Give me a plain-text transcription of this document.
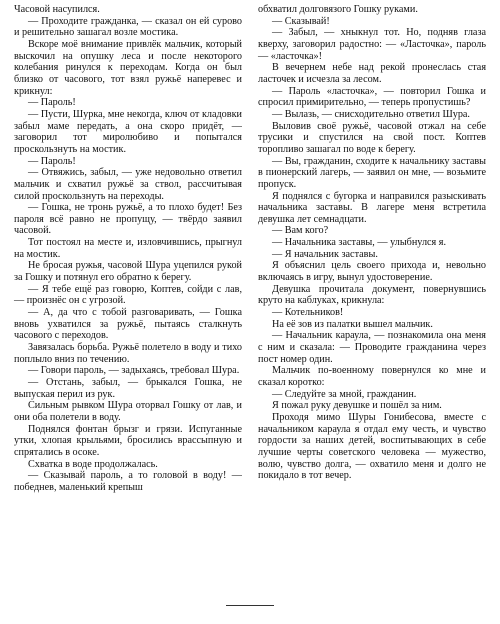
Часовой насупился.

— Проходите гражданка, — сказал он ей сурово и решительно зашагал возле мостика.

Вскоре моё внимание привлёк мальчик, который выскочил на опушку леса и после некоторого колебания ринулся к переходам. Когда он был близко от часового, тот взял ружьё наперевес и крикнул:

— Пароль!

— Пусти, Шурка, мне некогда, ключ от кладовки забыл маме передать, а она скоро придёт, — заговорил тот миролюбиво и попытался проскользнуть на мостик.

— Пароль!

— Отвяжись, забыл, — уже недовольно ответил мальчик и схватил ружьё за ствол, рассчитывая силой проскользнуть на переходы.

— Гошка, не тронь ружьё, а то плохо будет! Без пароля всё равно не пропущу, — твёрдо заявил часовой.

Тот постоял на месте и, изловчившись, прыгнул на мостик.

Не бросая ружья, часовой Шура уцепился рукой за Гошку и потянул его обратно к берегу.

— Я тебе ещё раз говорю, Коптев, сойди с лав, — произнёс он с угрозой.

— А, да что с тобой разговаривать, — Гошка вновь ухватился за ружьё, пытаясь сталкнуть часового с переходов.

Завязалась борьба. Ружьё полетело в воду и тихо поплыло вниз по течению.

— Говори пароль, — задыхаясь, требовал Шура.

— Отстань, забыл, — брыкался Гошка, не выпуская перил из рук.

Сильным рывком Шура оторвал Гошку от лав, и они оба полетели в воду.

Поднялся фонтан брызг и грязи. Испуганные утки, хлопая крыльями, бросились врассыпную и спрятались в осоке.

Схватка в воде продолжалась.

— Сказывай пароль, а то головой в воду! — победнев, маленький крепыш

обхватил долговязого Гошку руками.

— Сказывай!

— Забыл, — хныкнул тот. Но, подняв глаза кверху, заговорил радостно: — «Ласточка», пароль — «ласточка»!

В вечернем небе над рекой пронеслась стая ласточек и исчезла за лесом.

— Пароль «ласточка», — повторил Гошка и спросил примирительно, — теперь пропустишь?

— Вылазь, — снисходительно ответил Шура.

Выловив своё ружьё, часовой отжал на себе трусики и спустился на свой пост. Коптев торопливо зашагал по воде к берегу.

— Вы, гражданин, сходите к начальнику заставы в пионерский лагерь, — заявил он мне, — возьмите пропуск.

Я поднялся с бугорка и направился разыскивать начальника заставы. В лагере меня встретила девушка лет семнадцати.

— Вам кого?

— Начальника заставы, — улыбнулся я.

— Я начальник заставы.

Я объяснил цель своего прихода и, невольно включаясь в игру, вынул удостоверение.

Девушка прочитала документ, повернувшись круто на каблуках, крикнула:

— Котельников!

На её зов из палатки вышел мальчик.

— Начальник караула, — познакомила она меня с ним и сказала: — Проводите гражданина через пост номер один.

Мальчик по-военному повернулся ко мне и сказал коротко:

— Следуйте за мной, гражданин.

Я пожал руку девушке и пошёл за ним.

Проходя мимо Шуры Гонибесова, вместе с начальником караула я отдал ему честь, и чувство гордости за наших детей, воспитывающих в себе лучшие черты советского человека — мужество, волю, чувство долга, — охватило меня и долго не покидало в тот вечер.
